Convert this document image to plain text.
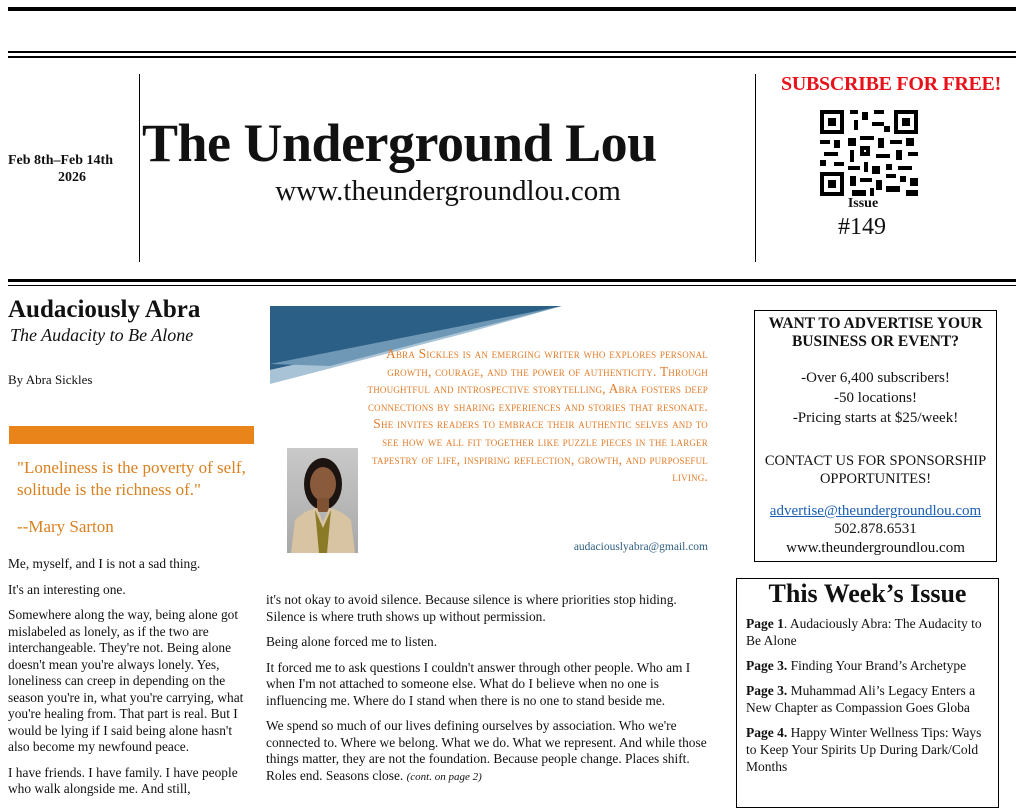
Feb 8th–Feb 14th
2026
The Underground Lou
www.theundergroundlou.com
SUBSCRIBE FOR FREE!
Issue
#149
Audaciously Abra
The Audacity to Be Alone
By Abra Sickles
"Loneliness is the poverty of self, solitude is the richness of."
--Mary Sarton
Abra Sickles is an emerging writer who explores personal growth, courage, and the power of authenticity. Through thoughtful and introspective storytelling, Abra fosters deep connections by sharing experiences and stories that resonate. She invites readers to embrace their authentic selves and to see how we all fit together like puzzle pieces in the larger tapestry of life, inspiring reflection, growth, and purposeful living.
audaciouslyabra@gmail.com

Me, myself, and I is not a sad thing.

It's an interesting one.

Somewhere along the way, being alone got mislabeled as lonely, as if the two are interchangeable. They're not. Being alone doesn't mean you're always lonely. Yes, loneliness can creep in depending on the season you're in, what you're carrying, what you're healing from. That part is real. But I would be lying if I said being alone hasn't also become my newfound peace.

I have friends. I have family. I have people who walk alongside me. And still,

it's not okay to avoid silence. Because silence is where priorities stop hiding. Silence is where truth shows up without permission.

Being alone forced me to listen.

It forced me to ask questions I couldn't answer through other people. Who am I when I'm not attached to someone else. What do I believe when no one is influencing me. Where do I stand when there is no one to stand beside me.

We spend so much of our lives defining ourselves by association. Who we're connected to. Where we belong. What we do. What we represent. And while those things matter, they are not the foundation. Because people change. Places shift. Roles end. Seasons close. (cont. on page 2)

WANT TO ADVERTISE YOUR BUSINESS OR EVENT?
-Over 6,400 subscribers!
-50 locations!
-Pricing starts at $25/week!
CONTACT US FOR SPONSORSHIP OPPORTUNITES!
advertise@theundergroundlou.com
502.878.6531
www.theundergroundlou.com
This Week’s Issue
Page 1. Audaciously Abra: The Audacity to Be Alone
Page 3. Finding Your Brand’s Archetype
Page 3. Muhammad Ali’s Legacy Enters a New Chapter as Compassion Goes Globa
Page 4. Happy Winter Wellness Tips: Ways to Keep Your Spirits Up During Dark/Cold Months
